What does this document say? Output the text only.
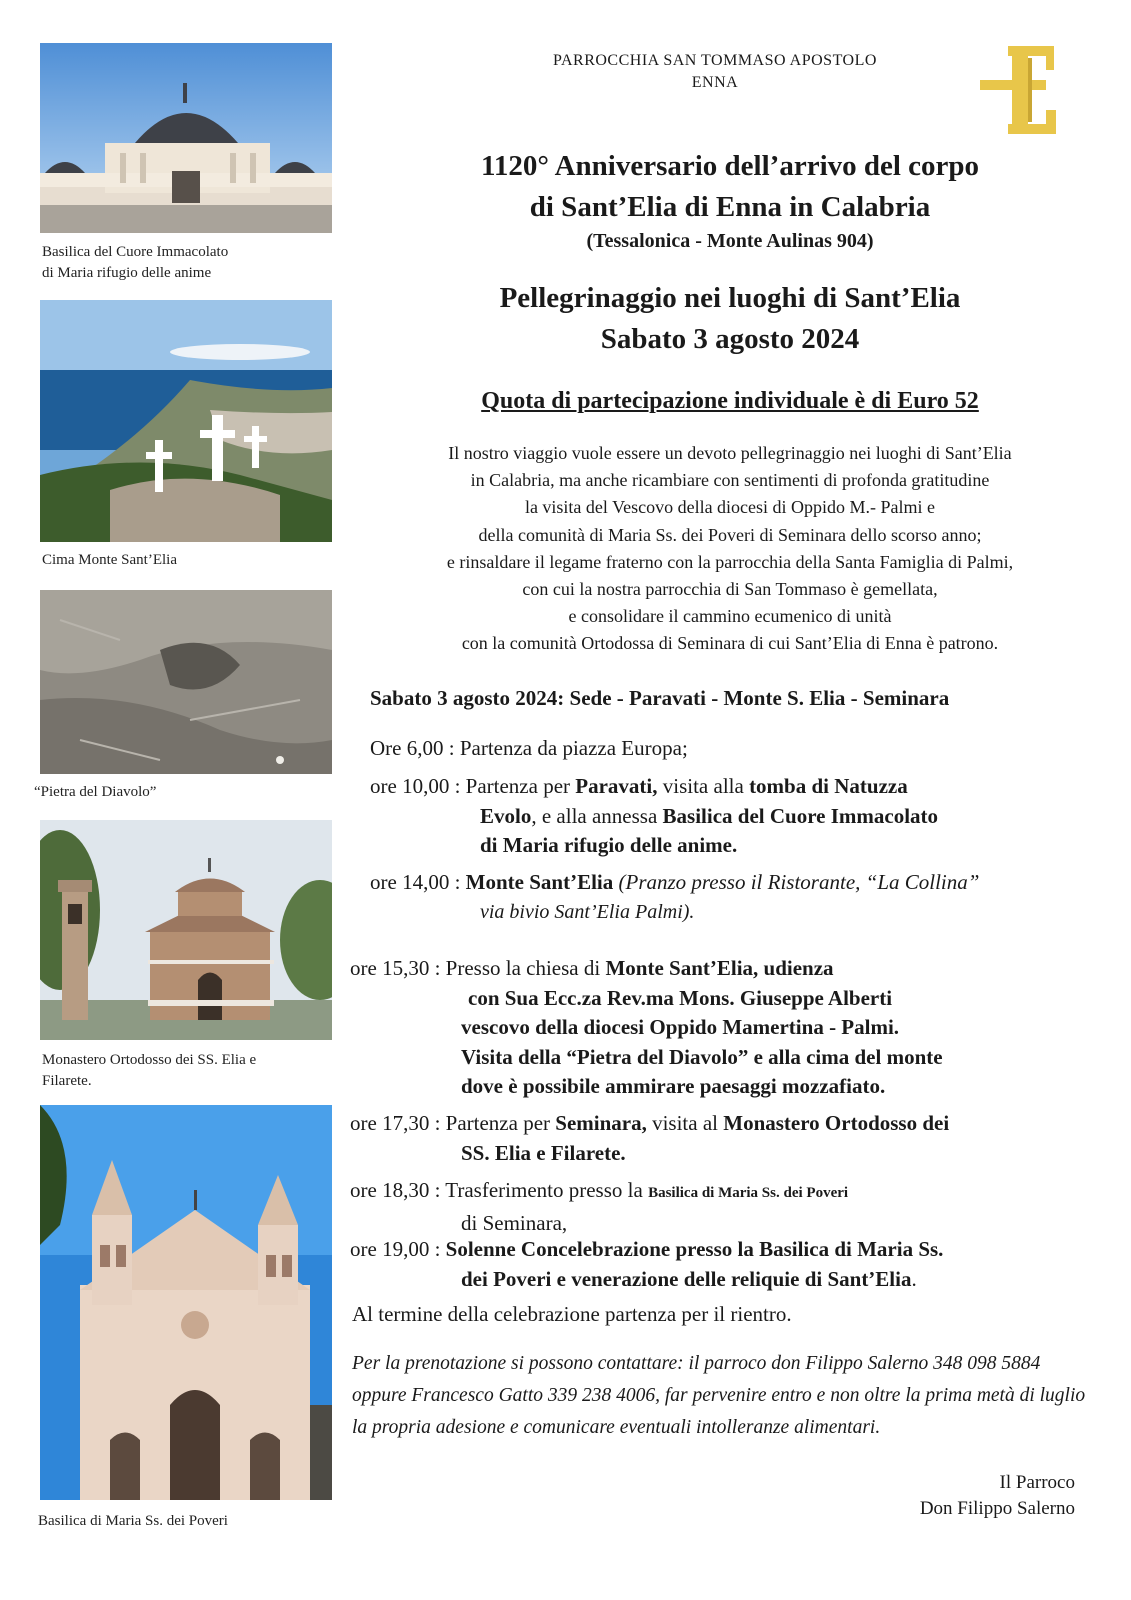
Basilica del Cuore Immacolato
di Maria rifugio delle anime
Cima Monte Sant’Elia
“Pietra del Diavolo”
Monastero Ortodosso dei SS. Elia e
Filarete.
Basilica di Maria Ss. dei Poveri
PARROCCHIA SAN TOMMASO APOSTOLO
ENNA
1120° Anniversario dell’arrivo del corpo
di Sant’Elia di Enna in Calabria
(Tessalonica - Monte Aulinas 904)
Pellegrinaggio nei luoghi di Sant’Elia
Sabato 3 agosto 2024
Quota di partecipazione individuale è di Euro 52
Il nostro viaggio vuole essere un devoto pellegrinaggio nei luoghi di Sant’Elia
in Calabria, ma anche ricambiare con sentimenti di profonda gratitudine
la visita del Vescovo della diocesi di Oppido M.- Palmi e
della comunità di Maria Ss. dei Poveri di Seminara dello scorso anno;
e rinsaldare il legame fraterno con la parrocchia della Santa Famiglia di Palmi,
con cui la nostra parrocchia di San Tommaso è gemellata,
e consolidare il cammino ecumenico di unità
con la comunità Ortodossa di Seminara di cui Sant’Elia di Enna è patrono.
Sabato 3 agosto 2024: Sede - Paravati - Monte S. Elia - Seminara
Ore 6,00 : Partenza da piazza Europa;
ore 10,00 : Partenza per Paravati, visita alla tomba di Natuzza
Evolo, e alla annessa Basilica del Cuore Immacolato
di Maria rifugio delle anime.
ore 14,00 : Monte Sant’Elia (Pranzo presso il Ristorante, “La Collina”
via bivio Sant’Elia Palmi).
ore 15,30 : Presso la chiesa di Monte Sant’Elia, udienza
con Sua Ecc.za Rev.ma Mons. Giuseppe Alberti
vescovo della diocesi Oppido Mamertina - Palmi.
Visita della “Pietra del Diavolo” e alla cima del monte
dove è possibile ammirare paesaggi mozzafiato.
ore 17,30 : Partenza per Seminara, visita al Monastero Ortodosso dei
SS. Elia e Filarete.
ore 18,30 : Trasferimento presso la Basilica di Maria Ss. dei Poveri
di Seminara,
ore 19,00 : Solenne Concelebrazione presso la Basilica di Maria Ss.
dei Poveri e venerazione delle reliquie di Sant’Elia.
Al termine della celebrazione partenza per il rientro.
Per la prenotazione si possono contattare: il parroco don Filippo Salerno 348 098 5884 oppure Francesco Gatto 339 238 4006, far pervenire entro e non oltre la prima metà di luglio la propria adesione e comunicare eventuali intolleranze alimentari.
Il Parroco
Don Filippo Salerno
